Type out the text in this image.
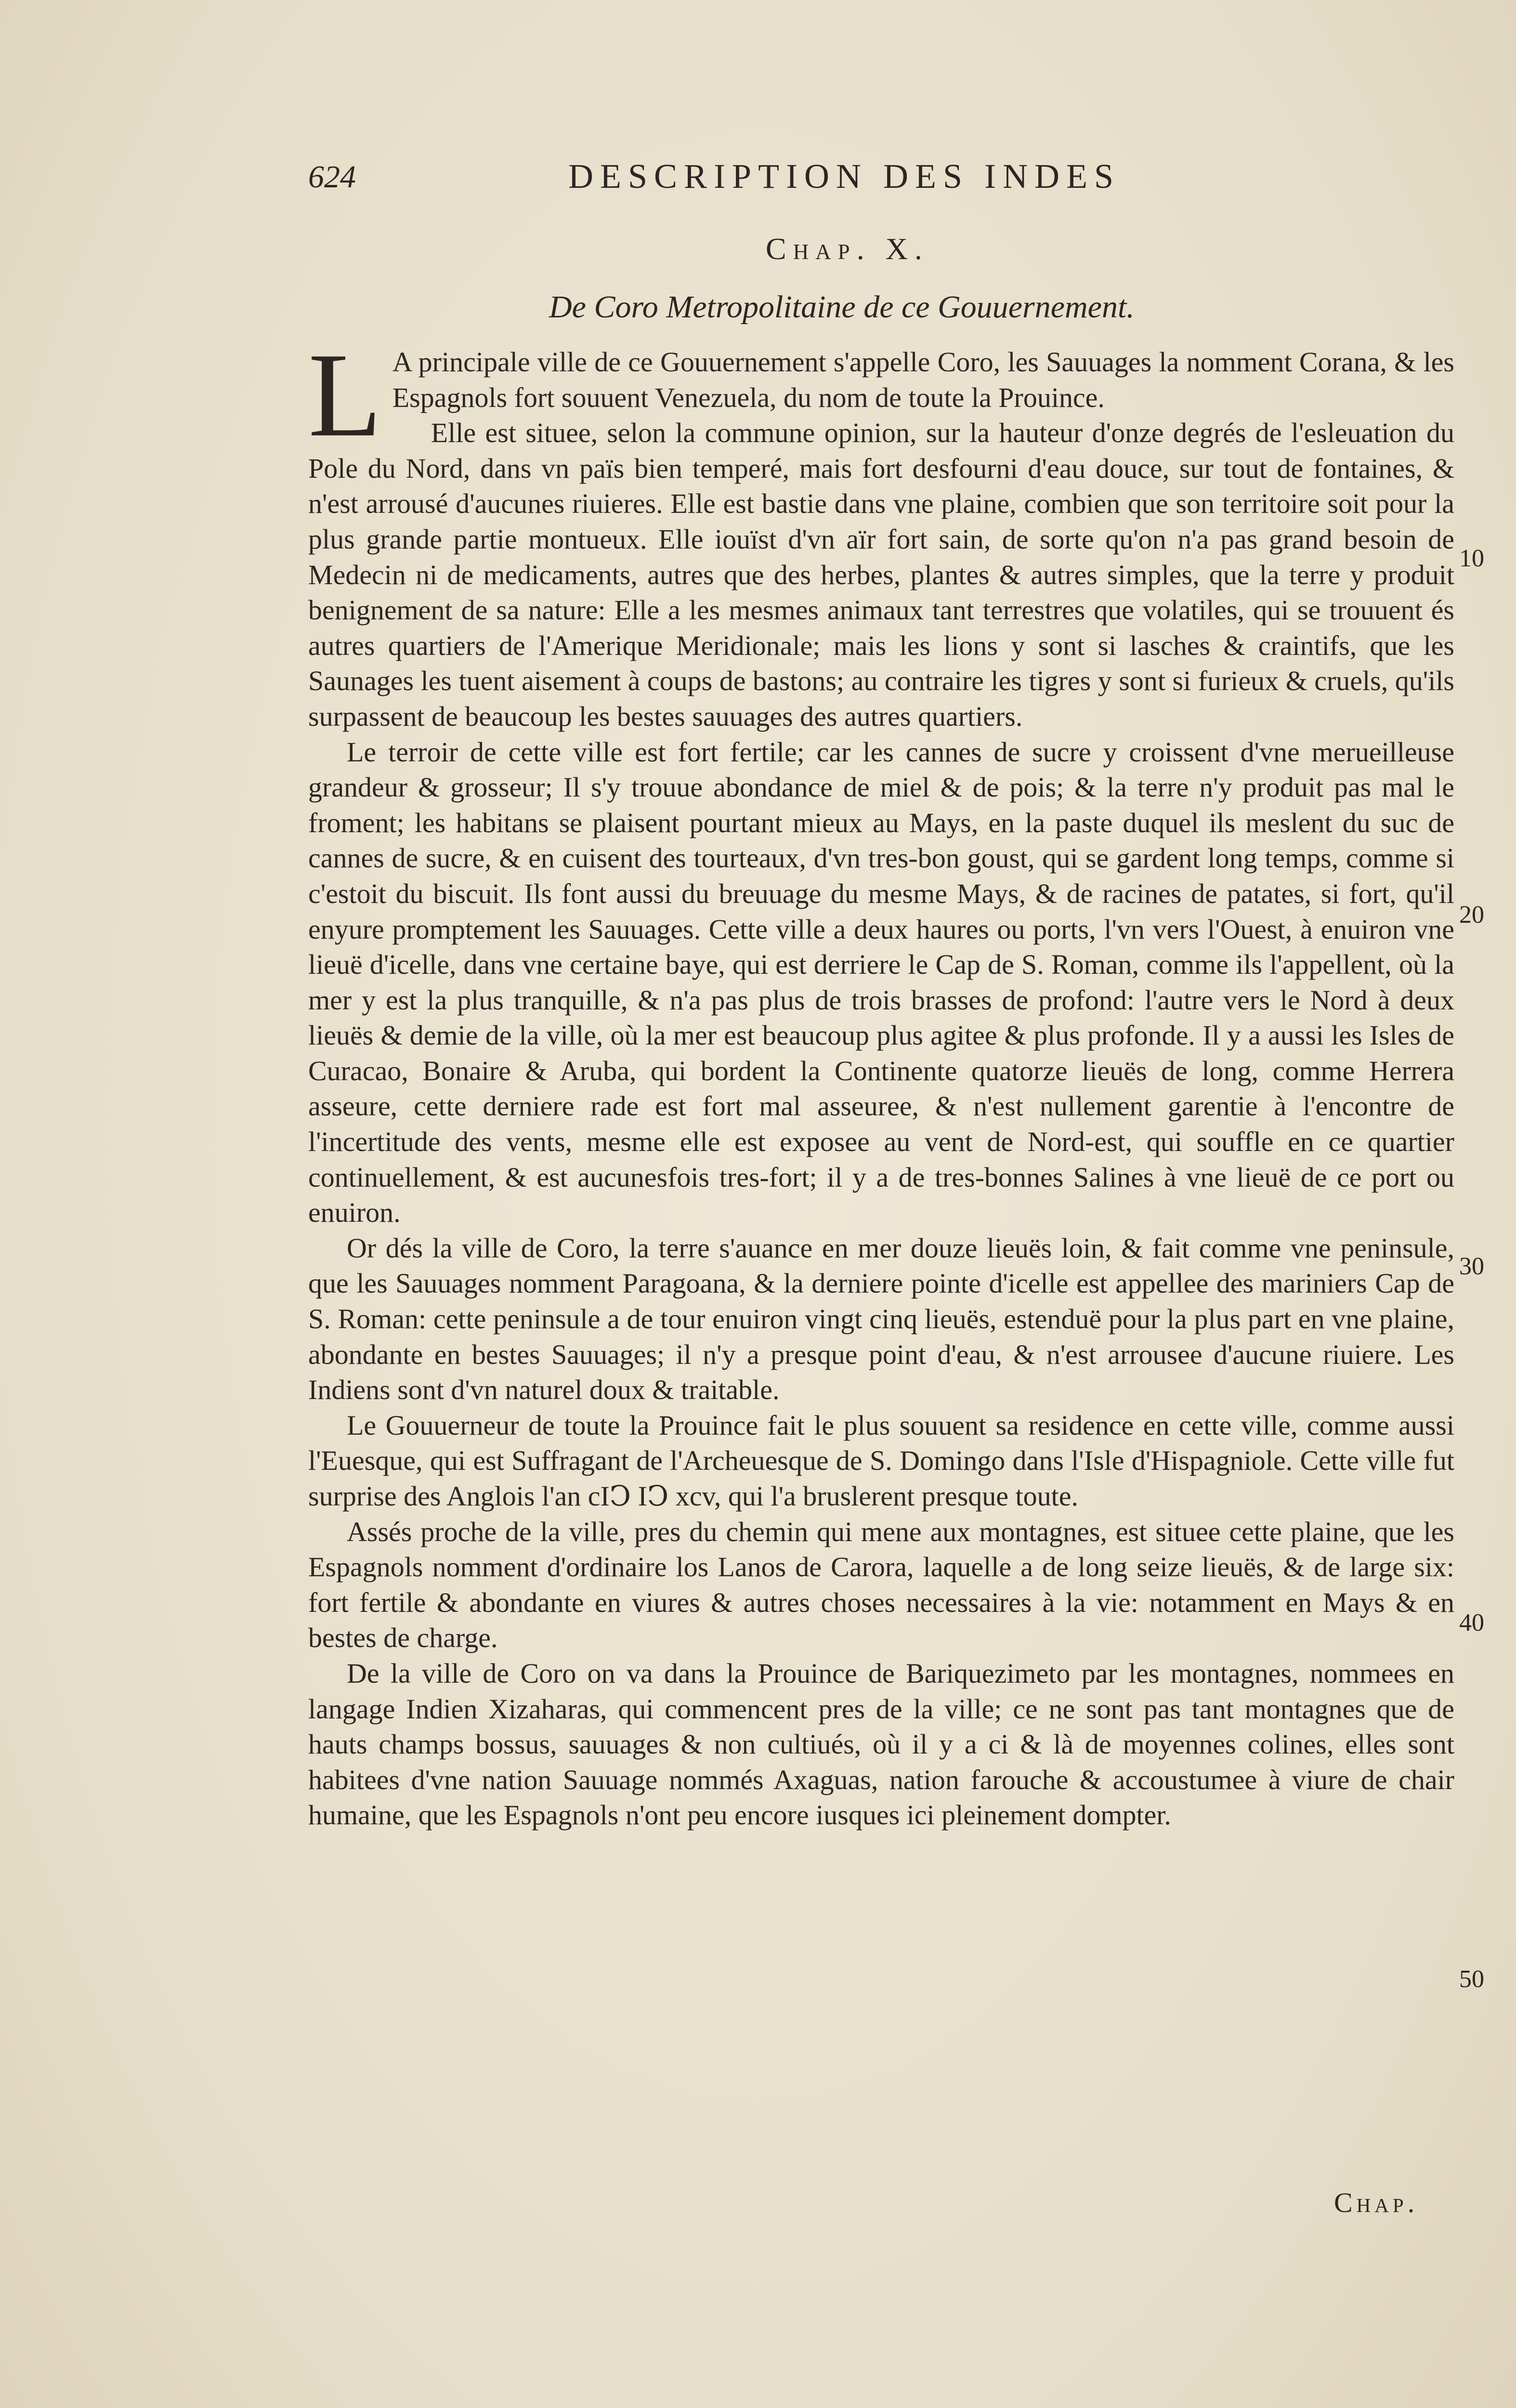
624	DESCRIPTION DES INDES
Chap. X.
De Coro Metropolitaine de ce Gouuernement.

L A principale ville de ce Gouuernement s'appelle Coro, les Sauuages la nomment Corana, & les Espagnols fort souuent Venezuela, du nom de toute la Prouince.

Elle est situee, selon la commune opinion, sur la hauteur d'onze degrés de l'esleuation du Pole du Nord, dans vn païs bien temperé, mais fort desfourni d'eau douce, sur tout de fontaines, & n'est arrousé d'aucunes riuieres. Elle est bastie dans vne plaine, combien que son territoire soit pour la plus grande partie montueux. Elle iouïst d'vn aïr fort sain, de sorte qu'on n'a pas grand besoin de Medecin ni de medicaments, autres que des herbes, plantes & autres simples, que la terre y produit benignement de sa nature: Elle a les mesmes animaux tant terrestres que volatiles, qui se trouuent és autres quartiers de l'Amerique Meridionale; mais les lions y sont si lasches & craintifs, que les Saunages les tuent aisement à coups de bastons; au contraire les tigres y sont si furieux & cruels, qu'ils surpassent de beaucoup les bestes sauuages des autres quartiers.

Le terroir de cette ville est fort fertile; car les cannes de sucre y croissent d'vne merueilleuse grandeur & grosseur; Il s'y trouue abondance de miel & de pois; & la terre n'y produit pas mal le froment; les habitans se plaisent pourtant mieux au Mays, en la paste duquel ils meslent du suc de cannes de sucre, & en cuisent des tourteaux, d'vn tres-bon goust, qui se gardent long temps, comme si c'estoit du biscuit. Ils font aussi du breuuage du mesme Mays, & de racines de patates, si fort, qu'il enyure promptement les Sauuages. Cette ville a deux haures ou ports, l'vn vers l'Ouest, à enuiron vne lieuë d'icelle, dans vne certaine baye, qui est derriere le Cap de S. Roman, comme ils l'appellent, où la mer y est la plus tranquille, & n'a pas plus de trois brasses de profond: l'autre vers le Nord à deux lieuës & demie de la ville, où la mer est beaucoup plus agitee & plus profonde. Il y a aussi les Isles de Curacao, Bonaire & Aruba, qui bordent la Continente quatorze lieuës de long, comme Herrera asseure, cette derniere rade est fort mal asseuree, & n'est nullement garentie à l'encontre de l'incertitude des vents, mesme elle est exposee au vent de Nord-est, qui souffle en ce quartier continuellement, & est aucunesfois tres-fort; il y a de tres-bonnes Salines à vne lieuë de ce port ou enuiron.

Or dés la ville de Coro, la terre s'auance en mer douze lieuës loin, & fait comme vne peninsule, que les Sauuages nomment Paragoana, & la derniere pointe d'icelle est appellee des mariniers Cap de S. Roman: cette peninsule a de tour enuiron vingt cinq lieuës, estenduë pour la plus part en vne plaine, abondante en bestes Sauuages; il n'y a presque point d'eau, & n'est arrousee d'aucune riuiere. Les Indiens sont d'vn naturel doux & traitable.

Le Gouuerneur de toute la Prouince fait le plus souuent sa residence en cette ville, comme aussi l'Euesque, qui est Suffragant de l'Archeuesque de S. Domingo dans l'Isle d'Hispagniole. Cette ville fut surprise des Anglois l'an cIↃ IↃ xcv, qui l'a bruslerent presque toute.

Assés proche de la ville, pres du chemin qui mene aux montagnes, est situee cette plaine, que les Espagnols nomment d'ordinaire los Lanos de Carora, laquelle a de long seize lieuës, & de large six: fort fertile & abondante en viures & autres choses necessaires à la vie: notamment en Mays & en bestes de charge.

De la ville de Coro on va dans la Prouince de Bariquezimeto par les montagnes, nommees en langage Indien Xizaharas, qui commencent pres de la ville; ce ne sont pas tant montagnes que de hauts champs bossus, sauuages & non cultiués, où il y a ci & là de moyennes colines, elles sont habitees d'vne nation Sauuage nommés Axaguas, nation farouche & accoustumee à viure de chair humaine, que les Espagnols n'ont peu encore iusques ici pleinement dompter.

10
20
30
40
50
Chap.
